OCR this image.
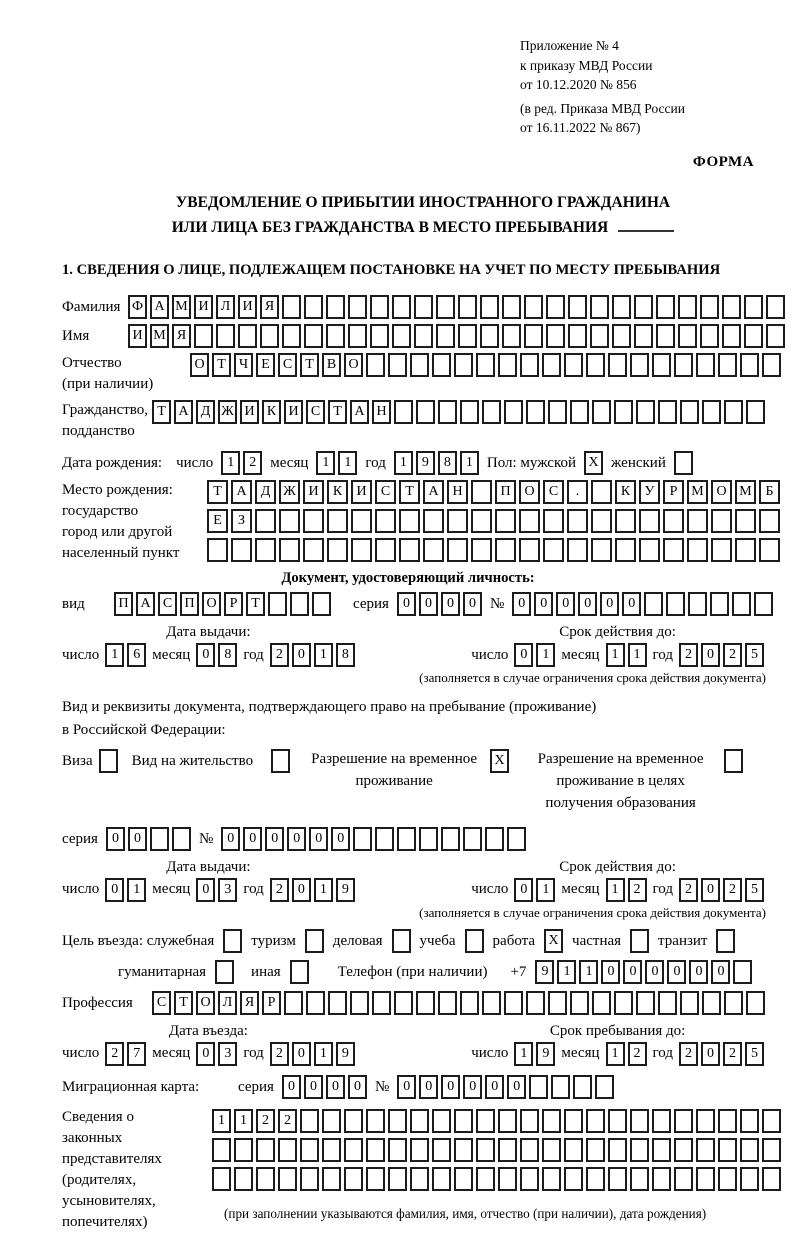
Приложение № 4
к приказу МВД России
от 10.12.2020 № 856
(в ред. Приказа МВД России
от 16.11.2022 № 867)
ФОРМА
УВЕДОМЛЕНИЕ О ПРИБЫТИИ ИНОСТРАННОГО ГРАЖДАНИНА
ИЛИ ЛИЦА БЕЗ ГРАЖДАНСТВА В МЕСТО ПРЕБЫВАНИЯ
1. СВЕДЕНИЯ О ЛИЦЕ, ПОДЛЕЖАЩЕМ ПОСТАНОВКЕ НА УЧЕТ ПО МЕСТУ ПРЕБЫВАНИЯ
Фамилия Ф А М И Л И Я
Имя	И М Я
Отчество
(при наличии)
О Т Ч Е С Т В О
Гражданство,
подданство
Т А Д Ж И К И С Т А Н
Дата рождения: число	1	2 месяц	1	1 год	1	9	8	1 Пол: мужской X женский
Место рождения:
государство
город или другой
населенный пункт
Т	А	Д Ж И	К	И	С	Т	А Н	П О	С	.	К	У	Р М О М Б
Е	З
Документ, удостоверяющий личность:
вид	П А С П О Р Т	серия	0	0	0	0 №	0	0	0	0	0	0
Дата выдачи:
число 1	6 месяц 0	8 год 2	0	1	8
Срок действия до:
число 0	1 месяц 1	1 год 2	0	2	5
(заполняется в случае ограничения срока действия документа)
Вид и реквизиты документа, подтверждающего право на пребывание (проживание)
в Российской Федерации:
Виза	Вид на жительство	Разрешение на временное проживание
X	Разрешение на временное проживание в целях получения образования
серия	0	0	№	0	0	0	0	0	0
Дата выдачи:
число 0	1 месяц 0	3 год 2	0	1	9
Срок действия до:
число 0	1 месяц 1	2 год 2	0	2	5
(заполняется в случае ограничения срока действия документа)
Цель въезда: служебная туризм деловая учеба работа X частная транзит
гуманитарная	иная	Телефон (при наличии) +7	9	1	1	0	0	0	0	0	0
Профессия	С Т О Л Я Р
Дата въезда:
число 2	7 месяц 0	3 год 2	0	1	9
Срок пребывания до:
число 1	9 месяц 1	2 год 2	0	2	5
Миграционная карта:	серия	0	0	0	0 №	0	0	0	0	0	0
Сведения о
законных
представителях
(родителях,
усыновителях,
попечителях)
1	1	2	2
(при заполнении указываются фамилия, имя, отчество (при наличии), дата рождения)
